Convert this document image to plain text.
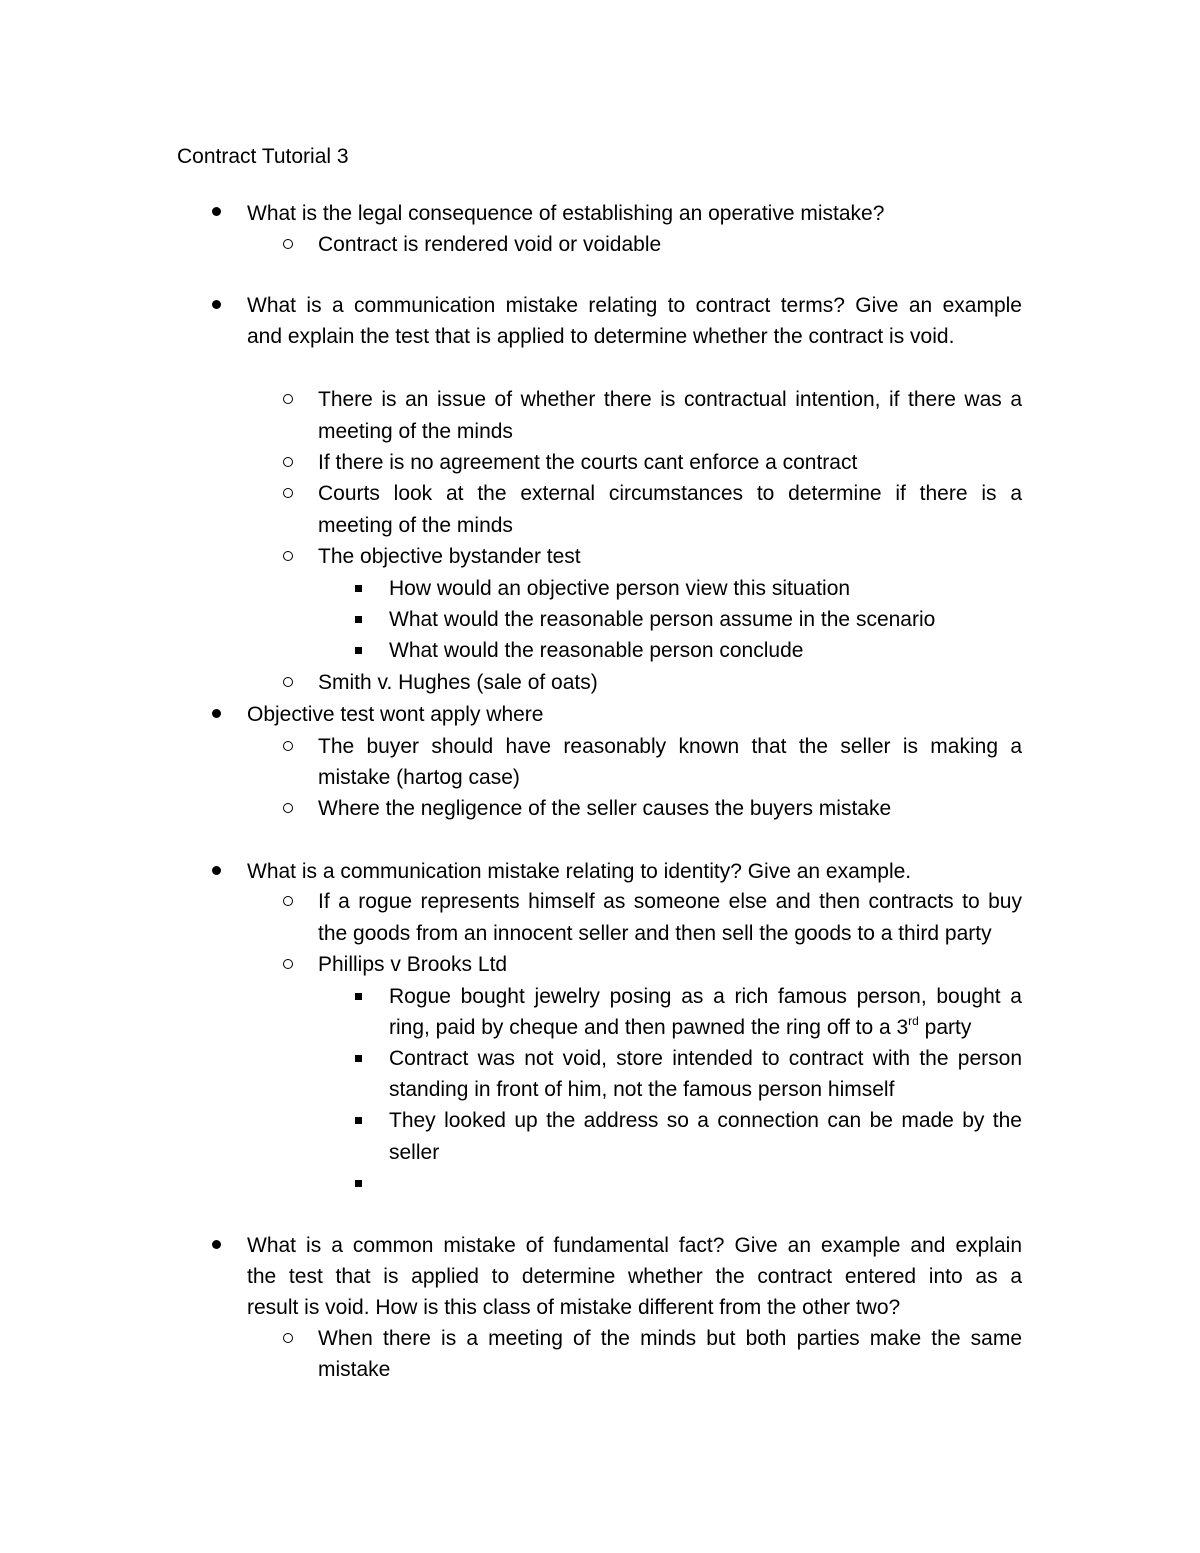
Contract Tutorial 3
What is the legal consequence of establishing an operative mistake?
Contract is rendered void or voidable
What is a communication mistake relating to contract terms? Give an example
and explain the test that is applied to determine whether the contract is void.
There is an issue of whether there is contractual intention, if there was a
meeting of the minds
If there is no agreement the courts cant enforce a contract
Courts look at the external circumstances to determine if there is a
meeting of the minds
The objective bystander test
How would an objective person view this situation
What would the reasonable person assume in the scenario
What would the reasonable person conclude
Smith v. Hughes (sale of oats)
Objective test wont apply where
The buyer should have reasonably known that the seller is making a
mistake (hartog case)
Where the negligence of the seller causes the buyers mistake
What is a communication mistake relating to identity? Give an example.
If a rogue represents himself as someone else and then contracts to buy
the goods from an innocent seller and then sell the goods to a third party
Phillips v Brooks Ltd
Rogue bought jewelry posing as a rich famous person, bought a
ring, paid by cheque and then pawned the ring off to a 3rd party
Contract was not void, store intended to contract with the person
standing in front of him, not the famous person himself
They looked up the address so a connection can be made by the
seller
What is a common mistake of fundamental fact? Give an example and explain
the test that is applied to determine whether the contract entered into as a
result is void. How is this class of mistake different from the other two?
When there is a meeting of the minds but both parties make the same
mistake
